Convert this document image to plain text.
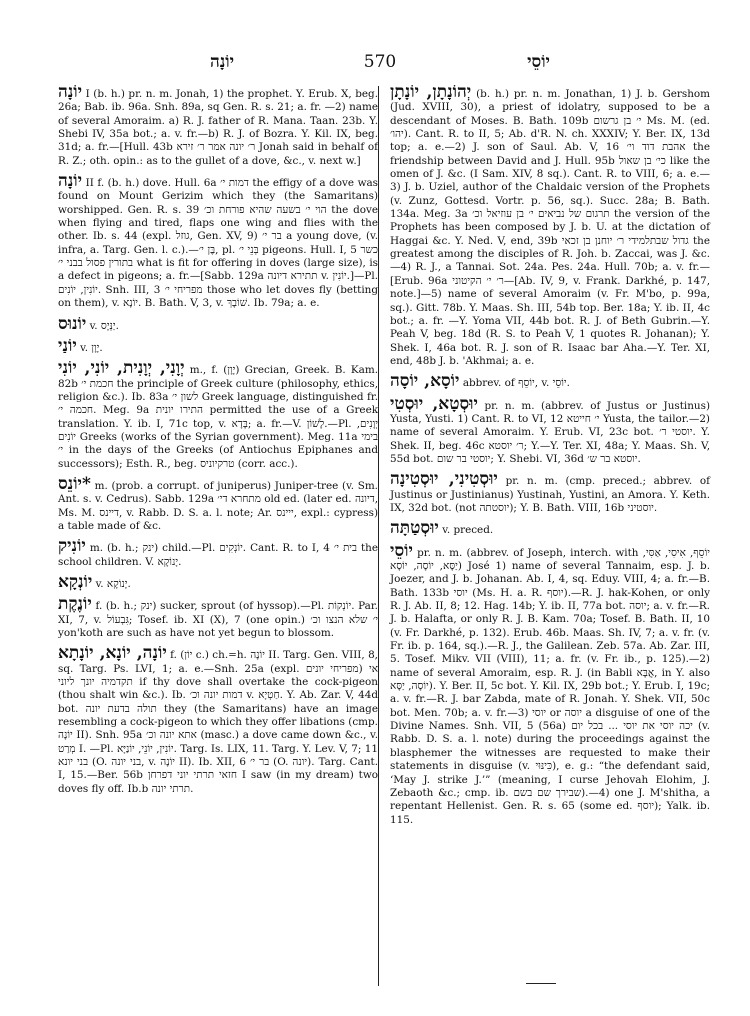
יוֹנָה	570	יוֹסֵי

יוֹנָה I (b. h.) pr. n. m. Jonah, 1) the prophet. Y. Erub. X, beg. 26a; Bab. ib. 96a. Snh. 89a, sq Gen. R. s. 21; a. fr. —2) name of several Amoraim. a) R. J. father of R. Mana. Taan. 23b. Y. Shebi IV, 35a bot.; a. v. fr.—b) R. J. of Bozra. Y. Kil. IX, beg. 31d; a. fr.—[Hull. 43b ר׳ יונה אמר ר׳ זירא Jonah said in behalf of R. Z.; oth. opin.: as to the gullet of a dove, &c., v. next w.]

יוֹנָה II f. (b. h.) dove. Hull. 6a דמות י׳ the effigy of a dove was found on Mount Gerizim which they (the Samaritans) worshipped. Gen. R. s. 39 הוי י׳ בשעה שהיא פורחת וכ׳ the dove when flying and tired, flaps one wing and flies with the other. Ib. s. 44 (expl. גוזל, Gen. XV, 9) בר י׳ a young dove, (v. infra, a. Targ. Gen. l. c.).—בֶּן י׳, pl. בְּנֵי י׳ pigeons. Hull. I, 5 כשר בתורין פסול בבני י׳ what is fit for offering in doves (large size), is a defect in pigeons; a. fr.—[Sabb. 129a תתירא דיונה v. יוֹנִין.]—Pl. יוֹנִין, יוֹנִים. Snh. III, 3 מפריחי י׳ those who let doves fly (betting on them), v. יוֹנָא. B. Bath. V, 3, v. שׁוֹבָךְ. Ib. 79a; a. e.

יוֹנוּס v. יַנְּיָס.

יוֹנַי v. יָוָן.

יְוָנִי, יְוָנִית, יוֹנִי, יוֹנִי m., f. (יָוָן) Grecian, Greek. B. Kam. 82b חכמת י׳ the principle of Greek culture (philosophy, ethics, religion &c.). Ib. 83a לשון י׳ Greek language, distinguished fr. חכמה י׳. Meg. 9a התירו יונית permitted the use of a Greek translation. Y. ib. I, 71c top, v. בָּדָא; a. fr.—V. לָשׁוֹן.—Pl. יְוָנִים, יוֹנִים Greeks (works of the Syrian government). Meg. 11a בימי י׳ in the days of the Greeks (of Antiochus Epiphanes and successors); Esth. R., beg. טרקיוניס (corr. acc.).

*יוֹנֵס m. (prob. a corrupt. of juniperus) Juniper-tree (v. Sm. Ant. s. v. Cedrus). Sabb. 129a מתחרא די׳ old ed. (later ed. דיונה, Ms. M. דיינס, v. Rabb. D. S. a. l. note; Ar. ייינס, expl.: cypress) a table made of &c.

יוֹנִיק m. (b. h.; ינק) child.—Pl. יוֹנְקִים. Cant. R. to I, 4 בית י׳ the school children. V. יָנוֹקָא.

יוֹנְקָא v. יָנוֹקָא.

יוֹנֶקֶת f. (b. h.; ינק) sucker, sprout (of hyssop).—Pl. יוֹנְקוֹת. Par. XI, 7, v. גִּבְעוֹל; Tosef. ib. XI (X), 7 (one opin.) י׳ שלא הנצו וכ׳ yon'koth are such as have not yet begun to blossom.

יוֹנָה, יוֹנָא, יוֹנָתָא f. (יוֹן c.) ch.=h. יוֹנָה II. Targ. Gen. VIII, 8, sq. Targ. Ps. LVI, 1; a. e.—Snh. 25a (expl. מפריחי יונים) אי תקדמיה יונך ליוני if thy dove shall overtake the cock-pigeon (thou shalt win &c.). Ib. דמות יונה וכ׳ v. חַטְיָא. Y. Ab. Zar. V, 44d bot. תולה בדעת יונה they (the Samaritans) have an image resembling a cock-pigeon to which they offer libations (cmp. יוֹנָה II). Snh. 95a אתא יונה וכ׳ (masc.) a dove came down &c., v. מְרַט I. —Pl. יוֹנִין, יוֹנֵי, יוֹנַיָּא. Targ. Is. LIX, 11. Targ. Y. Lev. V, 7; 11 בני יונא (O. בני יונה, v. יוֹנָה II). Ib. XII, 6 בר י׳ (O. יונה). Targ. Cant. I, 15.—Ber. 56b חזאי תרתי יוני דפרחן I saw (in my dream) two doves fly off. Ib.b תרתי יונה.

יְהוֹנָתָן, יוֹנָתָן (b. h.) pr. n. m. Jonathan, 1) J. b. Gershom (Jud. XVIII, 30), a priest of idolatry, supposed to be a descendant of Moses. B. Bath. 109b י׳ בן גרשום Ms. M. (ed. יהו׳). Cant. R. to II, 5; Ab. d'R. N. ch. XXXIV; Y. Ber. IX, 13d top; a. e.—2) J. son of Saul. Ab. V, 16 אהבת דוד וי׳ the friendship between David and J. Hull. 95b כי׳ בן שאול like the omen of J. &c. (I Sam. XIV, 8 sq.). Cant. R. to VIII, 6; a. e.—3) J. b. Uziel, author of the Chaldaic version of the Prophets (v. Zunz, Gottesd. Vortr. p. 56, sq.). Succ. 28a; B. Bath. 134a. Meg. 3a תרגום של נביאים י׳ בן עוזיאל וכ׳ the version of the Prophets has been composed by J. b. U. at the dictation of Haggai &c. Y. Ned. V, end, 39b גדול שבתלמידי ר׳ יוחנן בן זכאי the greatest among the disciples of R. Joh. b. Zaccai, was J. &c.—4) R. J., a Tannai. Sot. 24a. Pes. 24a. Hull. 70b; a. v. fr.—[Erub. 96a ר׳ י׳ הקיטוני—[Ab. IV, 9, v. Frank. Darkhé, p. 147, note.]—5) name of several Amoraim (v. Fr. M'bo, p. 99a, sq.). Gitt. 78b. Y. Maas. Sh. III, 54b top. Ber. 18a; Y. ib. II, 4c bot.; a. fr. —Y. Yoma VII, 44b bot. R. J. of Beth Gubrin.—Y. Peah V, beg. 18d (R. S. to Peah V, 1 quotes R. Johanan); Y. Shek. I, 46a bot. R. J. son of R. Isaac bar Aha.—Y. Ter. XI, end, 48b J. b. 'Akhmai; a. e.

יוֹסָא, יוֹסָה abbrev. of יוֹסֵף, v. יוֹסֵי.

יוּסְטָא, יוּסְטִי pr. n. m. (abbrev. of Justus or Justinus) Yusta, Yusti. 1) Cant. R. to VI, 12 י׳ חייטא Yusta, the tailor.—2) name of several Amoraim. Y. Erub. VI, 23c bot. יוסטי ר׳. Y. Shek. II, beg. 46c ר׳ יוסטא; Y.—Y. Ter. XI, 48a; Y. Maas. Sh. V, 55d bot. יוסטי בר שום; Y. Shebi. VI, 36d יוסטא בר ש׳.

יוּסְטִינִי, יוּסְטִינָה pr. n. m. (cmp. preced.; abbrev. of Justinus or Justinianus) Yustinah, Yustini, an Amora. Y. Keth. IX, 32d bot. (not יוסטתה); Y. B. Bath. VIII, 16b יוסטיני.

יוּסְטַתָּה v. preced.

יוֹסֵי pr. n. m. (abbrev. of Joseph, interch. with יוֹסֵף, אִיסִי, אַסִּי, יַסָּא, יוֹסָה, יוֹסָא) José 1) name of several Tannaim, esp. J. b. Joezer, and J. b. Johanan. Ab. I, 4, sq. Eduy. VIII, 4; a. fr.—B. Bath. 133b יוסי (Ms. H. a. R. יוסף).—R. J. hak-Kohen, or only R. J. Ab. II, 8; 12. Hag. 14b; Y. ib. II, 77a bot. יוסה; a. v. fr.—R. J. b. Halafta, or only R. J. B. Kam. 70a; Tosef. B. Bath. II, 10 (v. Fr. Darkhé, p. 132). Erub. 46b. Maas. Sh. IV, 7; a. v. fr. (v. Fr. ib. p. 164, sq.).—R. J., the Galilean. Zeb. 57a. Ab. Zar. III, 5. Tosef. Mikv. VII (VIII), 11; a. fr. (v. Fr. ib., p. 125).—2) name of several Amoraim, esp. R. J. (in Babli אֲבָּא, in Y. also יוֹסָה, יַסָּא). Y. Ber. II, 5c bot. Y. Kil. IX, 29b bot.; Y. Erub. I, 19c; a. v. fr.—R. J. bar Zabda, mate of R. Jonah. Y. Shek. VII, 50c bot. Men. 70b; a. v. fr.—3) יוסי or יוסה a disguise of one of the Divine Names. Snh. VII, 5 (56a) יכה יוסי את יוסי ... בכל יום (v. Rabb. D. S. a. l. note) during the proceedings against the blasphemer the witnesses are requested to make their statements in disguise (v. כִּינּוּי), e. g.: “the defendant said, ‘May J. strike J.’” (meaning, I curse Jehovah Elohim, J. Zebaoth &c.; cmp. ib. שבירך שם בשם).—4) one J. M'shitha, a repentant Hellenist. Gen. R. s. 65 (some ed. יוסף); Yalk. ib. 115.
